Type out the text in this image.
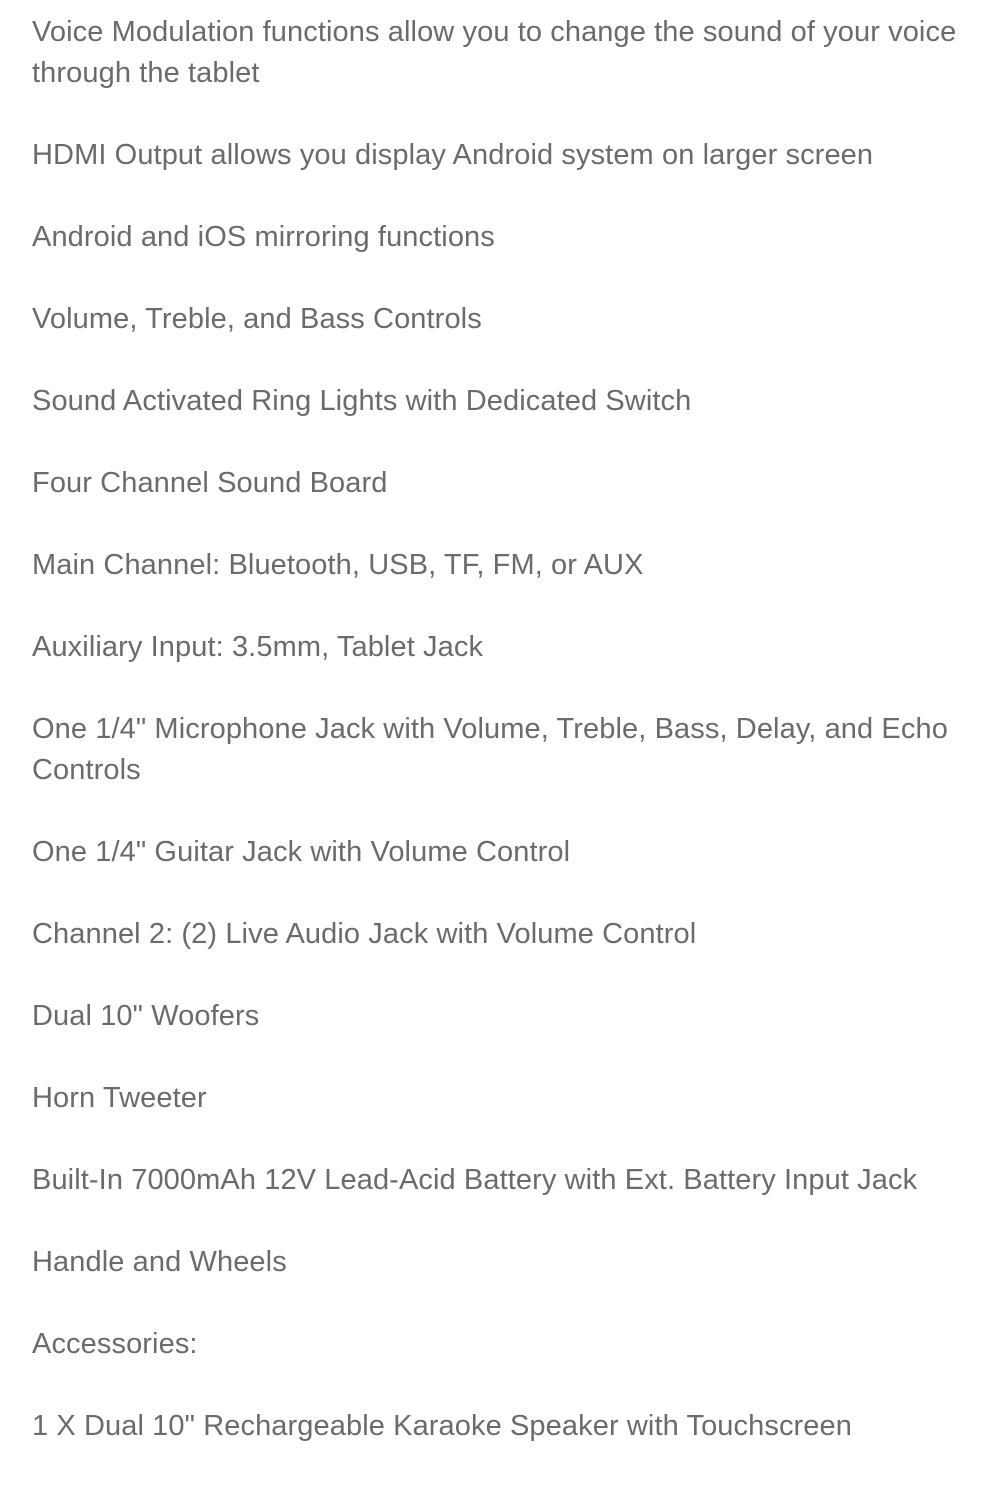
Voice Modulation functions allow you to change the sound of your voice through the tablet

HDMI Output allows you display Android system on larger screen

Android and iOS mirroring functions

Volume, Treble, and Bass Controls

Sound Activated Ring Lights with Dedicated Switch

Four Channel Sound Board

Main Channel: Bluetooth, USB, TF, FM, or AUX

Auxiliary Input: 3.5mm, Tablet Jack

One 1/4" Microphone Jack with Volume, Treble, Bass, Delay, and Echo Controls

One 1/4" Guitar Jack with Volume Control

Channel 2: (2) Live Audio Jack with Volume Control

Dual 10" Woofers

Horn Tweeter

Built-In 7000mAh 12V Lead-Acid Battery with Ext. Battery Input Jack

Handle and Wheels

Accessories:

1 X Dual 10" Rechargeable Karaoke Speaker with Touchscreen
